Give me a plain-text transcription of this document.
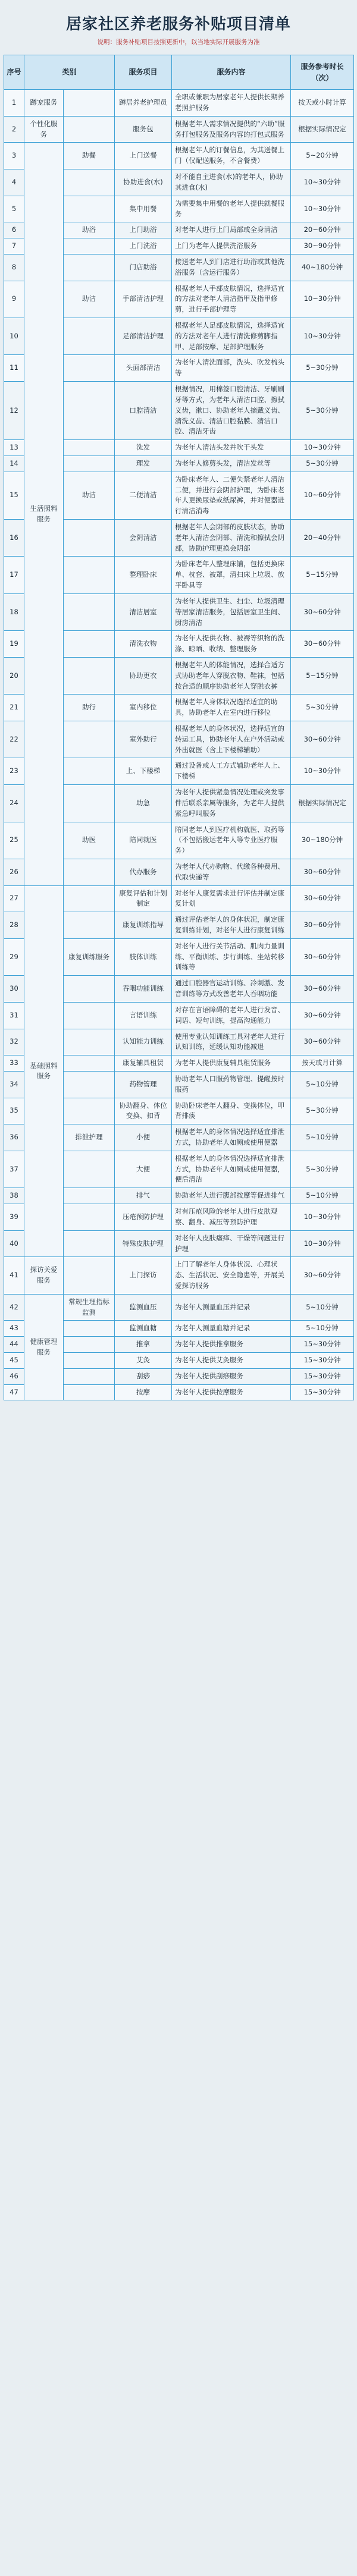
居家社区养老服务补贴项目清单
说明：服务补贴项目按照更新中，以当地实际开展服务为准
序号	类别		服务项目	服务内容	服务参考时长（次）
1	蹲宠服务		蹲居养老护理员	全职或兼职为居家老年人提供长期养老照护服务	按天或小时计算
2	个性化服务		服务包	根据老年人需求情况提供的“六助”服务打包服务及服务内容的打包式服务	根据实际情况定
3	生活照料服务	助餐	上门送餐	根据老年人的订餐信息，为其送餐上门（仅配送服务，不含餐费）	5~20分钟
4			协助进食(水)	对不能自主进食(水)的老年人，协助其进食(水)	10~30分钟
5			集中用餐	为需要集中用餐的老年人提供就餐服务	10~30分钟
6		助浴	上门助浴	对老年人进行上门局部或全身清洁	20~60分钟
7			上门洗浴	上门为老年人提供洗浴服务	30~90分钟
8			门店助浴	接送老年人到门店进行助浴或其他洗浴服务（含运行服务）	40~180分钟
9		助洁	手部清洁护理	根据老年人手部皮肤情况，选择适宜的方法对老年人清洁指甲及指甲修剪，进行手部护理等	10~30分钟
10			足部清洁护理	根据老年人足部皮肤情况，选择适宜的方法对老年人进行清洗修剪脚指甲、足部按摩、足部护理服务	10~30分钟
11			头面部清洁	为老年人清洗面部，洗头、吹发梳头等	5~30分钟
12			口腔清洁	根据情况，用棉签口腔清洁、牙刷刷牙等方式，为老年人清洁口腔、擦拭义齿，漱口、协助老年人摘戴义齿、清洗义齿、清洁口腔黏膜、清洁口腔、清洁牙齿	5~30分钟
13			洗发	为老年人清洁头发并吹干头发	10~30分钟
14			理发	为老年人修剪头发，清洁发丝等	5~30分钟
15		助洁	二便清洁	为卧床老年人、二便失禁老年人清洁二便，并进行会阴部护理，为卧床老年人更换尿垫或纸尿裤，并对便器进行清洁消毒	10~60分钟
16			会阴清洁	根据老年人会阴部的皮肤状态，协助老年人清洁会阴部、清洗和擦拭会阴部，协助护理更换会阴部	20~40分钟
17			整理卧床	为卧床老年人整理床铺，包括更换床单、枕套、被罩，清扫床上垃圾、放平卧具等	5~15分钟
18			清洁居室	为老年人提供卫生、扫尘、垃圾清理等居家清洁服务，包括居室卫生间、厨房清洁	30~60分钟
19			清洗衣物	为老年人提供衣物、被褥等织物的洗涤、晾晒、收纳、整理服务	30~60分钟
20			协助更衣	根据老年人的体能情况，选择合适方式协助老年人穿脱衣物、鞋袜，包括按合适的顺序协助老年人穿脱衣裤	5~15分钟
21		助行	室内移位	根据老年人身体状况选择适宜的助具，协助老年人在室内进行移位	5~30分钟
22			室外助行	根据老年人的身体状况，选择适宜的转运工具，协助老年人在户外活动或外出就医（含上下楼梯辅助）	30~60分钟
23			上、下楼梯	通过设备或人工方式辅助老年人上、下楼梯	10~30分钟
24			助急	为老年人提供紧急情况处理或突发事件后联系亲属等服务，为老年人提供紧急呼叫服务	根据实际情况定
25		助医	陪同就医	陪同老年人到医疗机构就医、取药等（不包括搬运老年人等专业医疗服务）	30~180分钟
26			代办服务	为老年人代办购物、代缴各种费用、代取快递等	30~60分钟
27	基础照料服务		康复评估和计划制定	对老年人康复需求进行评估并制定康复计划	30~60分钟
28			康复训练指导	通过评估老年人的身体状况，制定康复训练计划，对老年人进行康复训练	30~60分钟
29		康复训练服务	肢体训练	对老年人进行关节活动、肌肉力量训练、平衡训练、步行训练、坐站转移训练等	30~60分钟
30			吞咽功能训练	通过口腔器官运动训练、冷刺激、发音训练等方式改善老年人吞咽功能	30~60分钟
31			言语训练	对存在言语障碍的老年人进行发音、词语、短句训练，提高沟通能力	30~60分钟
32			认知能力训练	使用专业认知训练工具对老年人进行认知训练，延缓认知功能减退	30~60分钟
33			康复辅具租赁	为老年人提供康复辅具租赁服务	按天或月计算
34			药物管理	协助老年人口服药物管理、提醒按时服药	5~10分钟
35			协助翻身、体位变换、扣背	协助卧床老年人翻身、变换体位，叩背排痰	5~30分钟
36		排泄护理	小便	根据老年人的身体情况选择适宜排泄方式，协助老年人如厕或使用便器	5~10分钟
37			大便	根据老年人的身体情况选择适宜排泄方式，协助老年人如厕或使用便器，便后清洁	5~30分钟
38			排气	协助老年人进行腹部按摩等促进排气	5~10分钟
39			压疮预防护理	对有压疮风险的老年人进行皮肤观察、翻身、减压等预防护理	10~30分钟
40			特殊皮肤护理	对老年人皮肤瘙痒、干燥等问题进行护理	10~30分钟
41	探访关爱服务		上门探访	上门了解老年人身体状况、心理状态、生活状况、安全隐患等，开展关爱探访服务	30~60分钟
42	健康管理服务	常规生理指标监测	监测血压	为老年人测量血压并记录	5~10分钟
43			监测血糖	为老年人测量血糖并记录	5~10分钟
44			推拿	为老年人提供推拿服务	15~30分钟
45			艾灸	为老年人提供艾灸服务	15~30分钟
46			刮痧	为老年人提供刮痧服务	15~30分钟
47			按摩	为老年人提供按摩服务	15~30分钟
